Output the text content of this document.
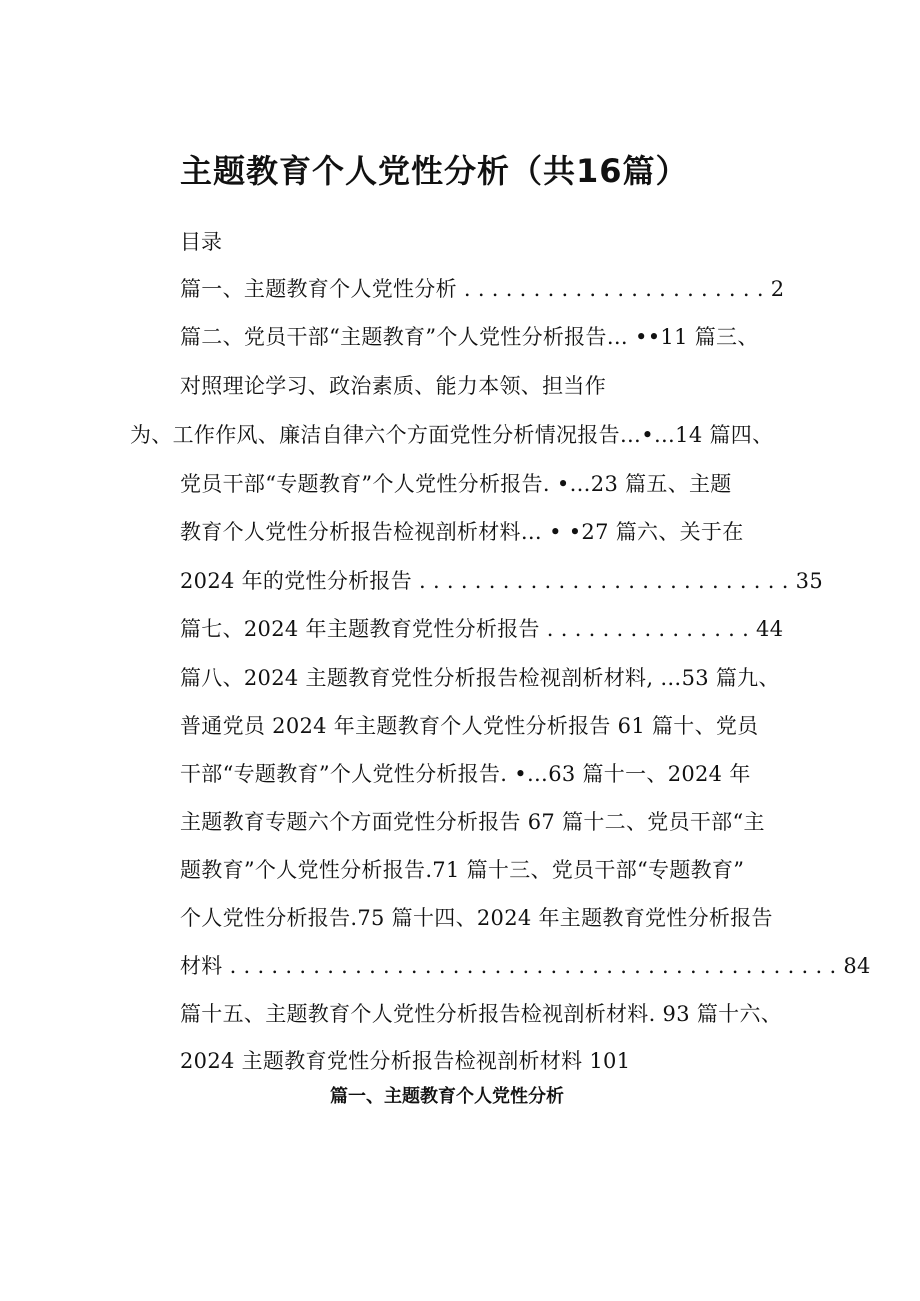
主题教育个人党性分析（共16篇）
目录
篇一、主题教育个人党性分析 . . . . . . . . . . . . . . . . . . . . . . 2
篇二、党员干部“主题教育”个人党性分析报告… ••11 篇三、
对照理论学习、政治素质、能力本领、担当作
为、工作作风、廉洁自律六个方面党性分析情况报告…•…14 篇四、
党员干部“专题教育”个人党性分析报告. •…23 篇五、主题
教育个人党性分析报告检视剖析材料… • •27 篇六、关于在
2024 年的党性分析报告 . . . . . . . . . . . . . . . . . . . . . . . . . . . 35
篇七、2024 年主题教育党性分析报告 . . . . . . . . . . . . . . . 44
篇八、2024 主题教育党性分析报告检视剖析材料, …53 篇九、
普通党员 2024 年主题教育个人党性分析报告 61 篇十、党员
干部“专题教育”个人党性分析报告. •…63 篇十一、2024 年
主题教育专题六个方面党性分析报告 67 篇十二、党员干部“主
题教育”个人党性分析报告.71 篇十三、党员干部“专题教育”
个人党性分析报告.75 篇十四、2024 年主题教育党性分析报告
材料 . . . . . . . . . . . . . . . . . . . . . . . . . . . . . . . . . . . . . . . . . . . . 84
篇十五、主题教育个人党性分析报告检视剖析材料. 93 篇十六、
2024 主题教育党性分析报告检视剖析材料 101
篇一、主题教育个人党性分析
